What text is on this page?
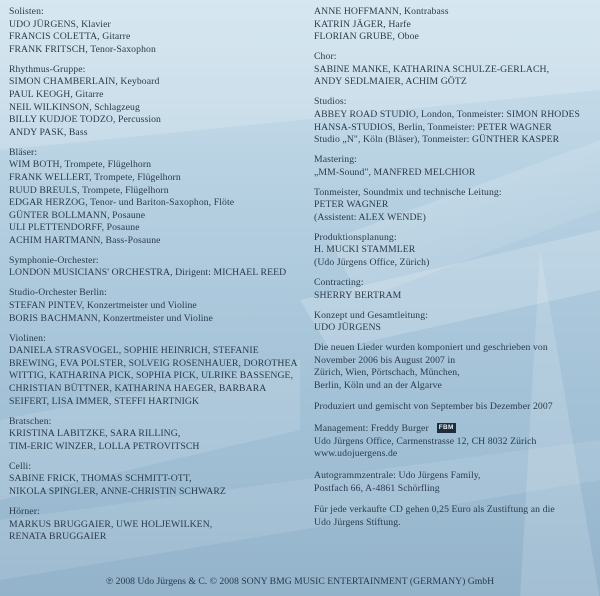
Solisten:
UDO JÜRGENS, Klavier
FRANCIS COLETTA, Gitarre
FRANK FRITSCH, Tenor-Saxophon
Rhythmus-Gruppe:
SIMON CHAMBERLAIN, Keyboard
PAUL KEOGH, Gitarre
NEIL WILKINSON, Schlagzeug
BILLY KUDJOE TODZO, Percussion
ANDY PASK, Bass
Bläser:
WIM BOTH, Trompete, Flügelhorn
FRANK WELLERT, Trompete, Flügelhorn
RUUD BREULS, Trompete, Flügelhorn
EDGAR HERZOG, Tenor- und Bariton-Saxophon, Flöte
GÜNTER BOLLMANN, Posaune
ULI PLETTENDORFF, Posaune
ACHIM HARTMANN, Bass-Posaune
Symphonie-Orchester:
LONDON MUSICIANS' ORCHESTRA, Dirigent: MICHAEL REED
Studio-Orchester Berlin:
STEFAN PINTEV, Konzertmeister und Violine
BORIS BACHMANN, Konzertmeister und Violine
Violinen:
DANIELA STRASVOGEL, SOPHIE HEINRICH, STEFANIE
BREWING, EVA POLSTER, SOLVEIG ROSENHAUER, DOROTHEA
WITTIG, KATHARINA PICK, SOPHIA PICK, ULRIKE BASSENGE,
CHRISTIAN BÜTTNER, KATHARINA HAEGER, BARBARA
SEIFERT, LISA IMMER, STEFFI HARTNIGK
Bratschen:
KRISTINA LABITZKE, SARA RILLING,
TIM-ERIC WINZER, LOLLA PETROVITSCH
Celli:
SABINE FRICK, THOMAS SCHMITT-OTT,
NIKOLA SPINGLER, ANNE-CHRISTIN SCHWARZ
Hörner:
MARKUS BRUGGAIER, UWE HOLJEWILKEN,
RENATA BRUGGAIER
ANNE HOFFMANN, Kontrabass
KATRIN JÄGER, Harfe
FLORIAN GRUBE, Oboe
Chor:
SABINE MANKE, KATHARINA SCHULZE-GERLACH,
ANDY SEDLMAIER, ACHIM GÖTZ
Studios:
ABBEY ROAD STUDIO, London, Tonmeister: SIMON RHODES
HANSA-STUDIOS, Berlin, Tonmeister: PETER WAGNER
Studio „N", Köln (Bläser), Tonmeister: GÜNTHER KASPER
Mastering:
„MM-Sound", MANFRED MELCHIOR
Tonmeister, Soundmix und technische Leitung:
PETER WAGNER
(Assistent: ALEX WENDE)
Produktionsplanung:
H. MUCKI STAMMLER
(Udo Jürgens Office, Zürich)
Contracting:
SHERRY BERTRAM
Konzept und Gesamtleitung:
UDO JÜRGENS
Die neuen Lieder wurden komponiert und geschrieben von
November 2006 bis August 2007 in
Zürich, Wien, Pörtschach, München,
Berlin, Köln und an der Algarve
Produziert und gemischt von September bis Dezember 2007
Management: Freddy Burger FBM
Udo Jürgens Office, Carmenstrasse 12, CH 8032 Zürich
www.udojuergens.de
Autogrammzentrale: Udo Jürgens Family,
Postfach 66, A-4861 Schörfling
Für jede verkaufte CD gehen 0,25 Euro als Zustiftung an die
Udo Jürgens Stiftung.
℗ 2008 Udo Jürgens & C. © 2008 SONY BMG MUSIC ENTERTAINMENT (GERMANY) GmbH
